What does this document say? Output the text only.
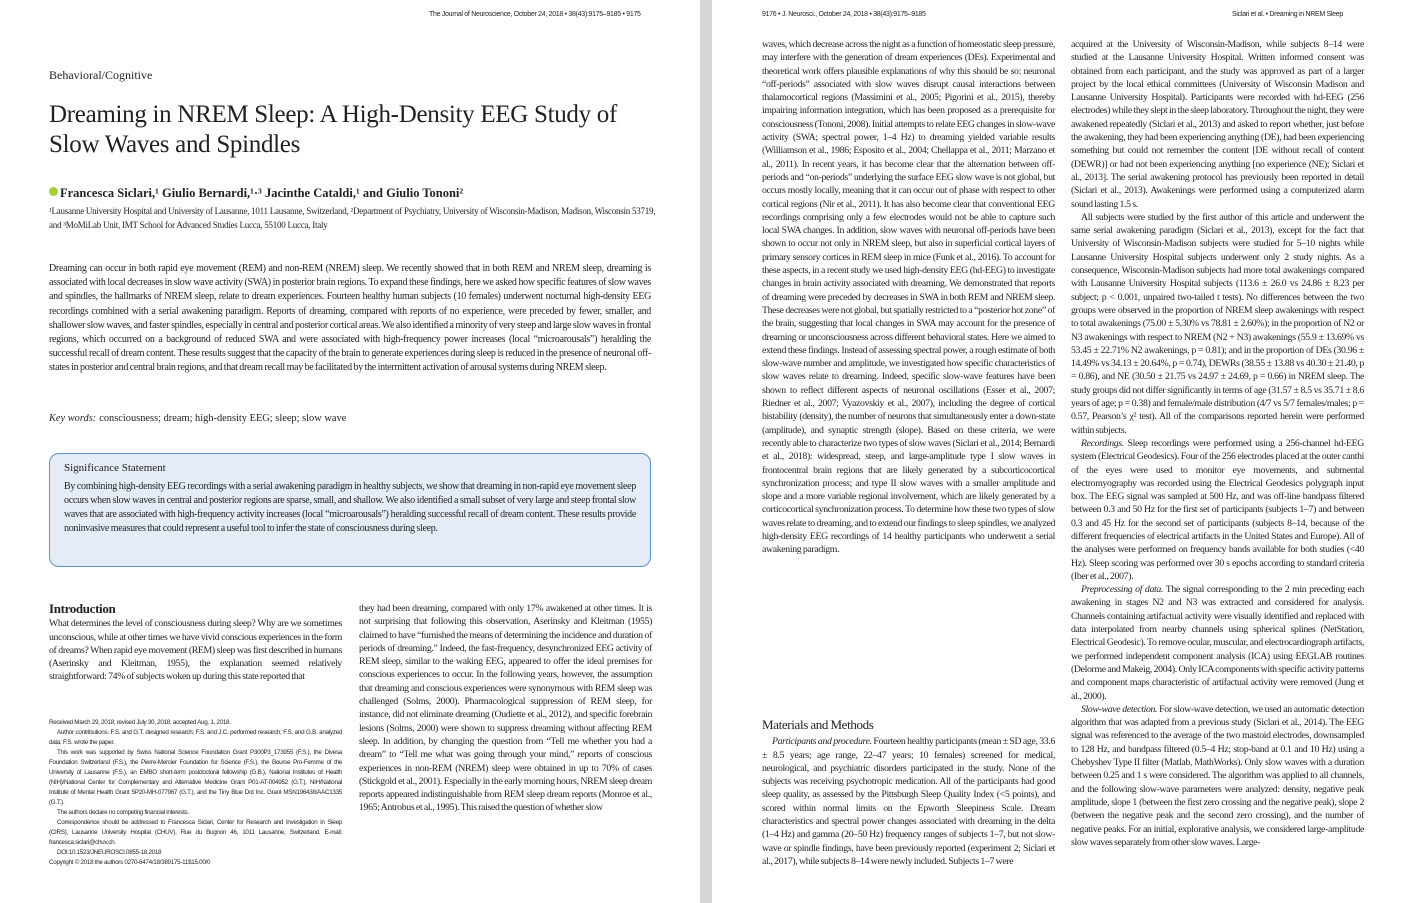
The Journal of Neuroscience, October 24, 2018 • 38(43):9175–9185 • 9175
Behavioral/Cognitive
Dreaming in NREM Sleep: A High-Density EEG Study of Slow Waves and Spindles
Francesca Siclari,¹ Giulio Bernardi,¹·³ Jacinthe Cataldi,¹ and Giulio Tononi²
¹Lausanne University Hospital and University of Lausanne, 1011 Lausanne, Switzerland, ²Department of Psychiatry, University of Wisconsin-Madison, Madison, Wisconsin 53719, and ³MoMiLab Unit, IMT School for Advanced Studies Lucca, 55100 Lucca, Italy

Dreaming can occur in both rapid eye movement (REM) and non-REM (NREM) sleep. We recently showed that in both REM and NREM sleep, dreaming is associated with local decreases in slow wave activity (SWA) in posterior brain regions. To expand these findings, here we asked how specific features of slow waves and spindles, the hallmarks of NREM sleep, relate to dream experiences. Fourteen healthy human subjects (10 females) underwent nocturnal high-density EEG recordings combined with a serial awakening paradigm. Reports of dreaming, compared with reports of no experience, were preceded by fewer, smaller, and shallower slow waves, and faster spindles, especially in central and posterior cortical areas. We also identified a minority of very steep and large slow waves in frontal regions, which occurred on a background of reduced SWA and were associated with high-frequency power increases (local “microarousals”) heralding the successful recall of dream content. These results suggest that the capacity of the brain to generate experiences during sleep is reduced in the presence of neuronal off-states in posterior and central brain regions, and that dream recall may be facilitated by the intermittent activation of arousal systems during NREM sleep.

Key words: consciousness; dream; high-density EEG; sleep; slow wave
Significance Statement

By combining high-density EEG recordings with a serial awakening paradigm in healthy subjects, we show that dreaming in non-rapid eye movement sleep occurs when slow waves in central and posterior regions are sparse, small, and shallow. We also identified a small subset of very large and steep frontal slow waves that are associated with high-frequency activity increases (local “microarousals”) heralding successful recall of dream content. These results provide noninvasive measures that could represent a useful tool to infer the state of consciousness during sleep.

Introduction

What determines the level of consciousness during sleep? Why are we sometimes unconscious, while at other times we have vivid conscious experiences in the form of dreams? When rapid eye movement (REM) sleep was first described in humans (Aserinsky and Kleitman, 1955), the explanation seemed relatively straightforward: 74% of subjects woken up during this state reported that

Received March 29, 2018; revised July 30, 2018; accepted Aug. 1, 2018.

Author contributions: F.S. and G.T. designed research; F.S. and J.C. performed research; F.S. and G.B. analyzed data; F.S. wrote the paper.

This work was supported by Swiss National Science Foundation Grant P300P3_173955 (F.S.), the Divesa Foundation Switzerland (F.S.), the Pierre-Mercier Foundation for Science (F.S.), the Bourse Pro-Femme of the University of Lausanne (F.S.), an EMBO short-term postdoctoral fellowship (G.B.), National Institutes of Health (NIH)/National Center for Complementary and Alternative Medicine Grant P01-AT-004952 (G.T.), NIH/National Institute of Mental Health Grant 5P20-MH-077967 (G.T.), and the Tiny Blue Dot Inc. Grant MSN196438/AAC1335 (G.T.).

The authors declare no competing financial interests.

Correspondence should be addressed to Francesca Siclari, Center for Research and Investigation in Sleep (CIRS), Lausanne University Hospital (CHUV), Rue du Bugnon 46, 1011 Lausanne, Switzerland. E-mail: francesca.siclari@chuv.ch.

DOI:10.1523/JNEUROSCI.0855-18.2018

Copyright © 2018 the authors 0270-6474/18/389175-11$15.00/0

they had been dreaming, compared with only 17% awakened at other times. It is not surprising that following this observation, Aserinsky and Kleitman (1955) claimed to have “furnished the means of determining the incidence and duration of periods of dreaming.” Indeed, the fast-frequency, desynchronized EEG activity of REM sleep, similar to the waking EEG, appeared to offer the ideal premises for conscious experiences to occur. In the following years, however, the assumption that dreaming and conscious experiences were synonymous with REM sleep was challenged (Solms, 2000). Pharmacological suppression of REM sleep, for instance, did not eliminate dreaming (Oudiette et al., 2012), and specific forebrain lesions (Solms, 2000) were shown to suppress dreaming without affecting REM sleep. In addition, by changing the question from “Tell me whether you had a dream” to “Tell me what was going through your mind,” reports of conscious experiences in non-REM (NREM) sleep were obtained in up to 70% of cases (Stickgold et al., 2001). Especially in the early morning hours, NREM sleep dream reports appeared indistinguishable from REM sleep dream reports (Monroe et al., 1965; Antrobus et al., 1995). This raised the question of whether slow

9176 • J. Neurosci., October 24, 2018 • 38(43):9175–9185	Siclari et al. • Dreaming in NREM Sleep

waves, which decrease across the night as a function of homeostatic sleep pressure, may interfere with the generation of dream experiences (DEs). Experimental and theoretical work offers plausible explanations of why this should be so: neuronal “off-periods” associated with slow waves disrupt causal interactions between thalamocortical regions (Massimini et al., 2005; Pigorini et al., 2015), thereby impairing information integration, which has been proposed as a prerequisite for consciousness (Tononi, 2008). Initial attempts to relate EEG changes in slow-wave activity (SWA; spectral power, 1–4 Hz) to dreaming yielded variable results (Williamson et al., 1986; Esposito et al., 2004; Chellappa et al., 2011; Marzano et al., 2011). In recent years, it has become clear that the alternation between off-periods and “on-periods” underlying the surface EEG slow wave is not global, but occurs mostly locally, meaning that it can occur out of phase with respect to other cortical regions (Nir et al., 2011). It has also become clear that conventional EEG recordings comprising only a few electrodes would not be able to capture such local SWA changes. In addition, slow waves with neuronal off-periods have been shown to occur not only in NREM sleep, but also in superficial cortical layers of primary sensory cortices in REM sleep in mice (Funk et al., 2016). To account for these aspects, in a recent study we used high-density EEG (hd-EEG) to investigate changes in brain activity associated with dreaming. We demonstrated that reports of dreaming were preceded by decreases in SWA in both REM and NREM sleep. These decreases were not global, but spatially restricted to a “posterior hot zone” of the brain, suggesting that local changes in SWA may account for the presence of dreaming or unconsciousness across different behavioral states. Here we aimed to extend these findings. Instead of assessing spectral power, a rough estimate of both slow-wave number and amplitude, we investigated how specific characteristics of slow waves relate to dreaming. Indeed, specific slow-wave features have been shown to reflect different aspects of neuronal oscillations (Esser et al., 2007; Riedner et al., 2007; Vyazovskiy et al., 2007), including the degree of cortical bistability (density), the number of neurons that simultaneously enter a down-state (amplitude), and synaptic strength (slope). Based on these criteria, we were recently able to characterize two types of slow waves (Siclari et al., 2014; Bernardi et al., 2018): widespread, steep, and large-amplitude type I slow waves in frontocentral brain regions that are likely generated by a subcorticocortical synchronization process; and type II slow waves with a smaller amplitude and slope and a more variable regional involvement, which are likely generated by a corticocortical synchronization process. To determine how these two types of slow waves relate to dreaming, and to extend our findings to sleep spindles, we analyzed high-density EEG recordings of 14 healthy participants who underwent a serial awakening paradigm.

Materials and Methods

Participants and procedure. Fourteen healthy participants (mean ± SD age, 33.6 ± 8.5 years; age range, 22–47 years; 10 females) screened for medical, neurological, and psychiatric disorders participated in the study. None of the subjects was receiving psychotropic medication. All of the participants had good sleep quality, as assessed by the Pittsburgh Sleep Quality Index (<5 points), and scored within normal limits on the Epworth Sleepiness Scale. Dream characteristics and spectral power changes associated with dreaming in the delta (1–4 Hz) and gamma (20–50 Hz) frequency ranges of subjects 1–7, but not slow-wave or spindle findings, have been previously reported (experiment 2; Siclari et al., 2017), while subjects 8–14 were newly included. Subjects 1–7 were

acquired at the University of Wisconsin-Madison, while subjects 8–14 were studied at the Lausanne University Hospital. Written informed consent was obtained from each participant, and the study was approved as part of a larger project by the local ethical committees (University of Wisconsin Madison and Lausanne University Hospital). Participants were recorded with hd-EEG (256 electrodes) while they slept in the sleep laboratory. Throughout the night, they were awakened repeatedly (Siclari et al., 2013) and asked to report whether, just before the awakening, they had been experiencing anything (DE), had been experiencing something but could not remember the content [DE without recall of content (DEWR)] or had not been experiencing anything [no experience (NE); Siclari et al., 2013]. The serial awakening protocol has previously been reported in detail (Siclari et al., 2013). Awakenings were performed using a computerized alarm sound lasting 1.5 s.

All subjects were studied by the first author of this article and underwent the same serial awakening paradigm (Siclari et al., 2013), except for the fact that University of Wisconsin-Madison subjects were studied for 5–10 nights while Lausanne University Hospital subjects underwent only 2 study nights. As a consequence, Wisconsin-Madison subjects had more total awakenings compared with Lausanne University Hospital subjects (113.6 ± 26.0 vs 24.86 ± 8.23 per subject; p < 0.001, unpaired two-tailed t tests). No differences between the two groups were observed in the proportion of NREM sleep awakenings with respect to total awakenings (75.00 ± 5.30% vs 78.81 ± 2.60%); in the proportion of N2 or N3 awakenings with respect to NREM (N2 + N3) awakenings (55.9 ± 13.69% vs 53.45 ± 22.71% N2 awakenings, p = 0.81); and in the proportion of DEs (30.96 ± 14.49% vs 34.13 ± 20.64%, p = 0.74), DEWRs (38.55 ± 13.88 vs 40.30 ± 21.40, p = 0.86), and NE (30.50 ± 21.75 vs 24.97 ± 24.69, p = 0.66) in NREM sleep. The study groups did not differ significantly in terms of age (31.57 ± 8.5 vs 35.71 ± 8.6 years of age; p = 0.38) and female/male distribution (4/7 vs 5/7 females/males; p = 0.57, Pearson’s χ² test). All of the comparisons reported herein were performed within subjects.

Recordings. Sleep recordings were performed using a 256-channel hd-EEG system (Electrical Geodesics). Four of the 256 electrodes placed at the outer canthi of the eyes were used to monitor eye movements, and submental electromyography was recorded using the Electrical Geodesics polygraph input box. The EEG signal was sampled at 500 Hz, and was off-line bandpass filtered between 0.3 and 50 Hz for the first set of participants (subjects 1–7) and between 0.3 and 45 Hz for the second set of participants (subjects 8–14, because of the different frequencies of electrical artifacts in the United States and Europe). All of the analyses were performed on frequency bands available for both studies (<40 Hz). Sleep scoring was performed over 30 s epochs according to standard criteria (Iber et al., 2007).

Preprocessing of data. The signal corresponding to the 2 min preceding each awakening in stages N2 and N3 was extracted and considered for analysis. Channels containing artifactual activity were visually identified and replaced with data interpolated from nearby channels using spherical splines (NetStation, Electrical Geodesic). To remove ocular, muscular, and electrocardiograph artifacts, we performed independent component analysis (ICA) using EEGLAB routines (Delorme and Makeig, 2004). Only ICA components with specific activity patterns and component maps characteristic of artifactual activity were removed (Jung et al., 2000).

Slow-wave detection. For slow-wave detection, we used an automatic detection algorithm that was adapted from a previous study (Siclari et al., 2014). The EEG signal was referenced to the average of the two mastoid electrodes, downsampled to 128 Hz, and bandpass filtered (0.5–4 Hz; stop-band at 0.1 and 10 Hz) using a Chebyshev Type II filter (Matlab, MathWorks). Only slow waves with a duration between 0.25 and 1 s were considered. The algorithm was applied to all channels, and the following slow-wave parameters were analyzed: density, negative peak amplitude, slope 1 (between the first zero crossing and the negative peak), slope 2 (between the negative peak and the second zero crossing), and the number of negative peaks. For an initial, explorative analysis, we considered large-amplitude slow waves separately from other slow waves. Large-
